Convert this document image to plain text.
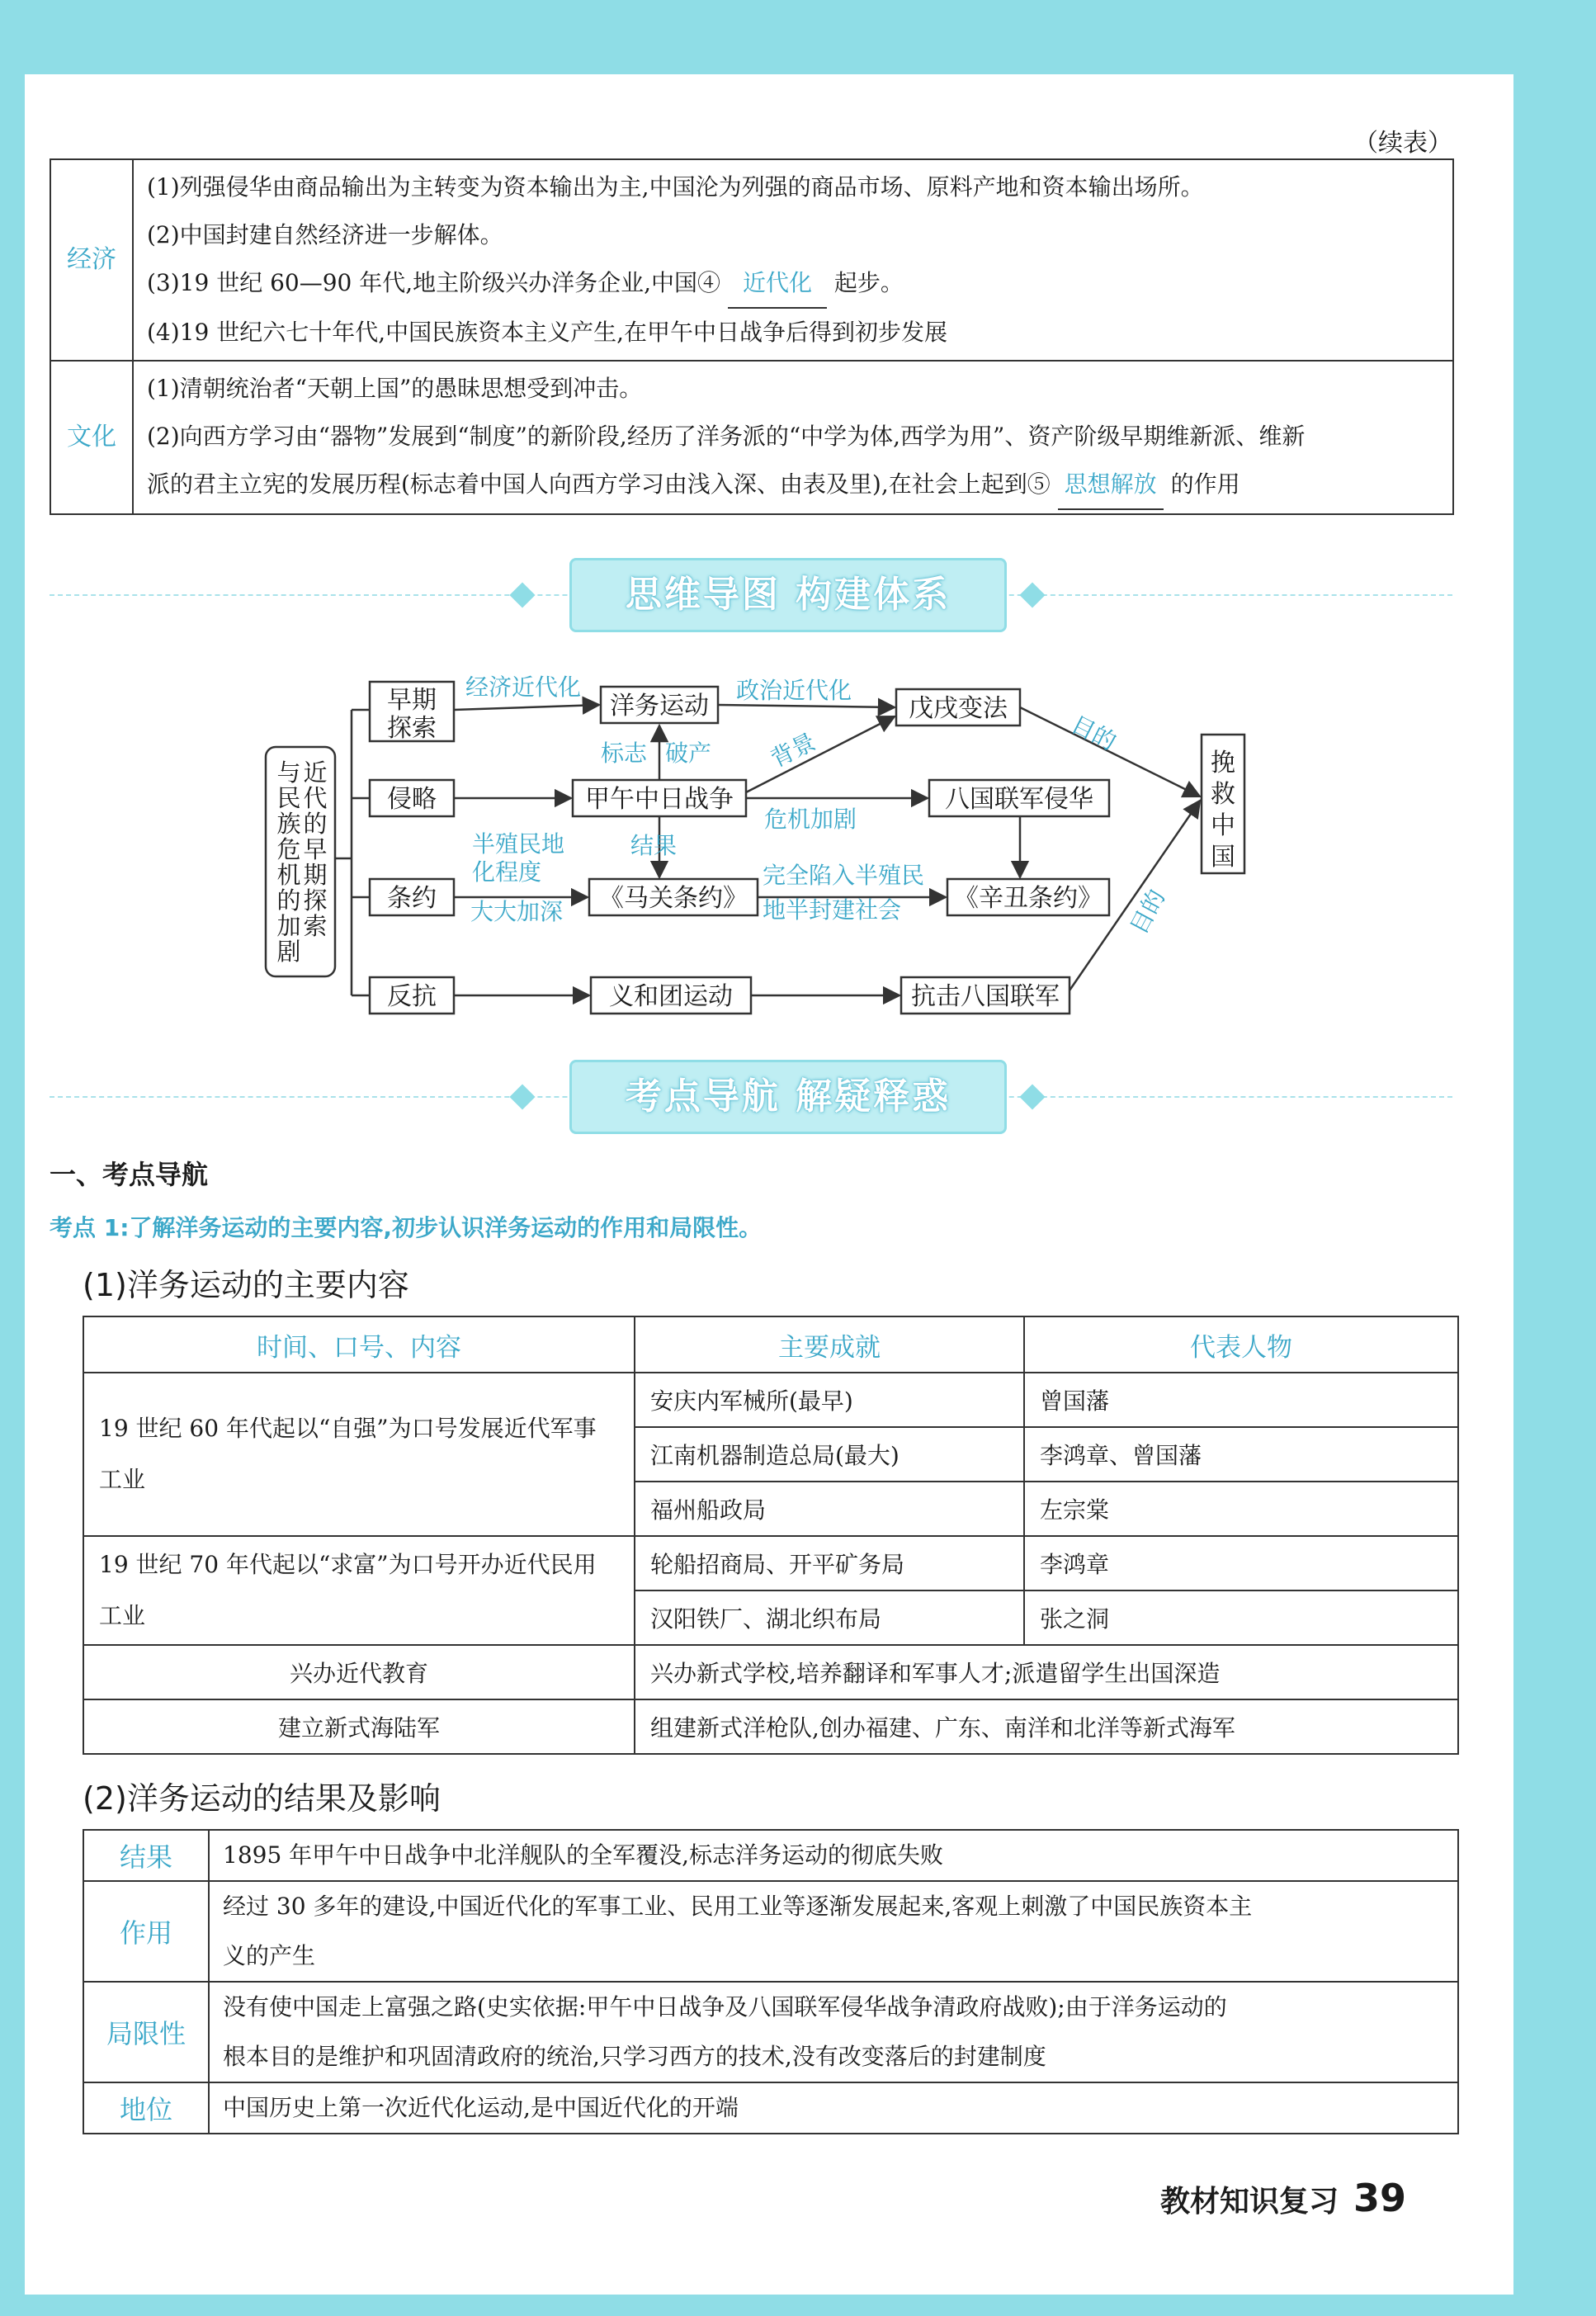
（续表）
经济	(1)列强侵华由商品输出为主转变为资本输出为主,中国沦为列强的商品市场、原料产地和资本输出场所。
(2)中国封建自然经济进一步解体。
(3)19 世纪 60—90 年代,地主阶级兴办洋务企业,中国④ 近代化 起步。
(4)19 世纪六七十年代,中国民族资本主义产生,在甲午中日战争后得到初步发展

文化	(1)清朝统治者“天朝上国”的愚昧思想受到冲击。
(2)向西方学习由“器物”发展到“制度”的新阶段,经历了洋务派的“中学为体,西学为用”、资产阶级早期维新派、维新
派的君主立宪的发展历程(标志着中国人向西方学习由浅入深、由表及里),在社会上起到⑤ 思想解放 的作用
思维导图 构建体系
与民族危机的加剧
近代的早期探索
早期
探索
侵略
条约
反抗
洋务运动	戊戌变法
甲午中日战争	八国联军侵华
《马关条约》	《辛丑条约》
义和团运动	抗击八国联军
挽
救
中
国
经济近代化	政治近代化
标志 破产 背景	目的
危机加剧
结果
半殖民地
化程度
大大加深
完全陷入半殖民
地半封建社会	目的
考点导航 解疑释惑
一、考点导航
考点 1:了解洋务运动的主要内容,初步认识洋务运动的作用和局限性。
(1)洋务运动的主要内容
时间、口号、内容	主要成就	代表人物
19 世纪 60 年代起以“自强”为口号发展近代军事工业	安庆内军械所(最早)	曾国藩
	江南机器制造总局(最大)	李鸿章、曾国藩
	福州船政局	左宗棠
19 世纪 70 年代起以“求富”为口号开办近代民用工业	轮船招商局、开平矿务局	李鸿章
	汉阳铁厂、湖北织布局	张之洞
兴办近代教育	兴办新式学校,培养翻译和军事人才;派遣留学生出国深造	
建立新式海陆军	组建新式洋枪队,创办福建、广东、南洋和北洋等新式海军	
(2)洋务运动的结果及影响
结果	1895 年甲午中日战争中北洋舰队的全军覆没,标志洋务运动的彻底失败

作用	经过 30 多年的建设,中国近代化的军事工业、民用工业等逐渐发展起来,客观上刺激了中国民族资本主
义的产生

局限性	没有使中国走上富强之路(史实依据:甲午中日战争及八国联军侵华战争清政府战败);由于洋务运动的
根本目的是维护和巩固清政府的统治,只学习西方的技术,没有改变落后的封建制度

地位	中国历史上第一次近代化运动,是中国近代化的开端
教材知识复习 39
